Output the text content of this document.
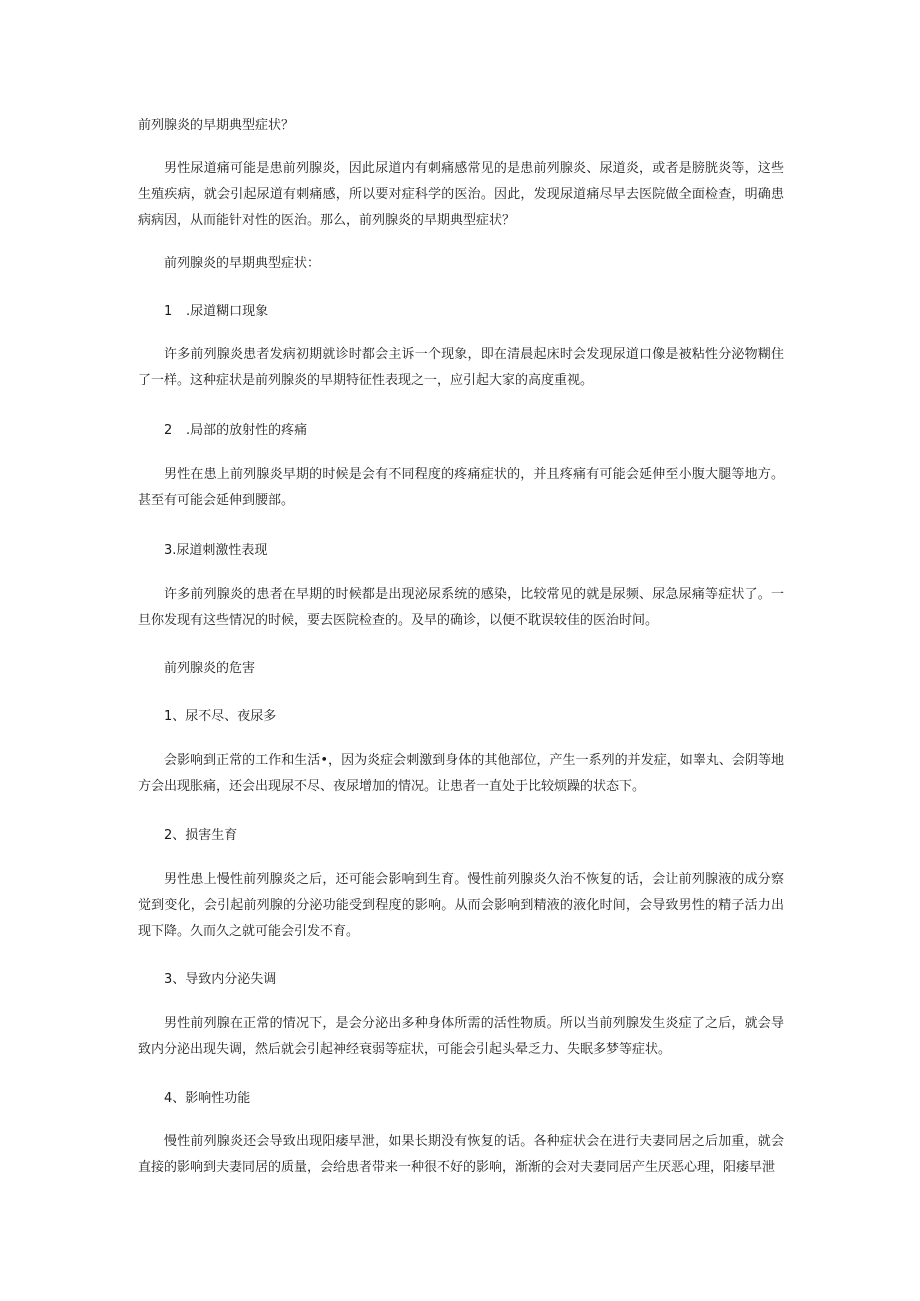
前列腺炎的早期典型症状？

男性尿道痛可能是患前列腺炎，因此尿道内有刺痛感常见的是患前列腺炎、尿道炎，或者是膀胱炎等，这些生殖疾病，就会引起尿道有刺痛感，所以要对症科学的医治。因此，发现尿道痛尽早去医院做全面检查，明确患病病因，从而能针对性的医治。那么，前列腺炎的早期典型症状？

前列腺炎的早期典型症状：
1 .尿道糊口现象

许多前列腺炎患者发病初期就诊时都会主诉一个现象，即在清晨起床时会发现尿道口像是被粘性分泌物糊住了一样。这种症状是前列腺炎的早期特征性表现之一，应引起大家的高度重视。

2 .局部的放射性的疼痛

男性在患上前列腺炎早期的时候是会有不同程度的疼痛症状的，并且疼痛有可能会延伸至小腹大腿等地方。甚至有可能会延伸到腰部。

3.尿道刺激性表现

许多前列腺炎的患者在早期的时候都是出现泌尿系统的感染，比较常见的就是尿频、尿急尿痛等症状了。一旦你发现有这些情况的时候，要去医院检查的。及早的确诊，以便不耽误较佳的医治时间。

前列腺炎的危害
1、尿不尽、夜尿多

会影响到正常的工作和生活•，因为炎症会刺激到身体的其他部位，产生一系列的并发症，如睾丸、会阴等地方会出现胀痛，还会出现尿不尽、夜尿增加的情况。让患者一直处于比较烦躁的状态下。

2、损害生育

男性患上慢性前列腺炎之后，还可能会影响到生育。慢性前列腺炎久治不恢复的话，会让前列腺液的成分察觉到变化，会引起前列腺的分泌功能受到程度的影响。从而会影响到精液的液化时间，会导致男性的精子活力出现下降。久而久之就可能会引发不育。

3、导致内分泌失调

男性前列腺在正常的情况下，是会分泌出多种身体所需的活性物质。所以当前列腺发生炎症了之后，就会导致内分泌出现失调，然后就会引起神经衰弱等症状，可能会引起头晕乏力、失眠多梦等症状。

4、影响性功能

慢性前列腺炎还会导致出现阳痿早泄，如果长期没有恢复的话。各种症状会在进行夫妻同居之后加重，就会直接的影响到夫妻同居的质量，会给患者带来一种很不好的影响，渐渐的会对夫妻同居产生厌恶心理，阳痿早泄
